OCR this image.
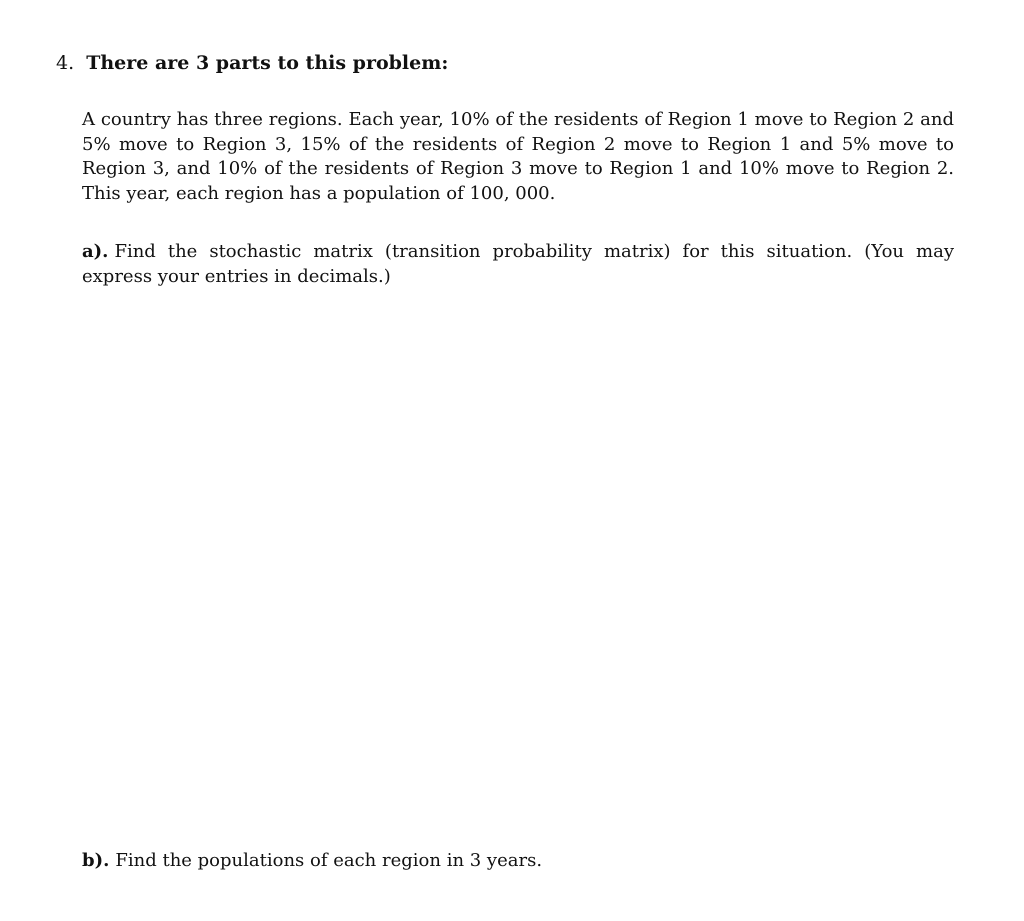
4. There are 3 parts to this problem:

A country has three regions. Each year, 10% of the residents of Region 1 move to Region 2 and 5% move to Region 3, 15% of the residents of Region 2 move to Region 1 and 5% move to Region 3, and 10% of the residents of Region 3 move to Region 1 and 10% move to Region 2. This year, each region has a population of 100, 000.

a). Find the stochastic matrix (transition probability matrix) for this situation. (You may express your entries in decimals.)

b). Find the populations of each region in 3 years.
